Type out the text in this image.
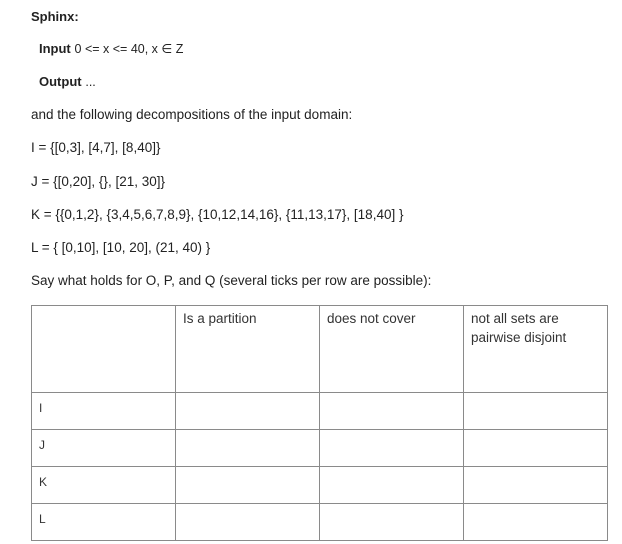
Sphinx:
Input 0 <= x <= 40, x ∈ Z
Output ...
and the following decompositions of the input domain:
I = {[0,3], [4,7], [8,40]}
J = {[0,20], {}, [21, 30]}
K = {{0,1,2}, {3,4,5,6,7,8,9}, {10,12,14,16}, {11,13,17}, [18,40] }
L = { [0,10], [10, 20], (21, 40) }
Say what holds for O, P, and Q (several ticks per row are possible):
	Is a partition	does not cover	not all sets are pairwise disjoint
I			
J			
K			
L			
